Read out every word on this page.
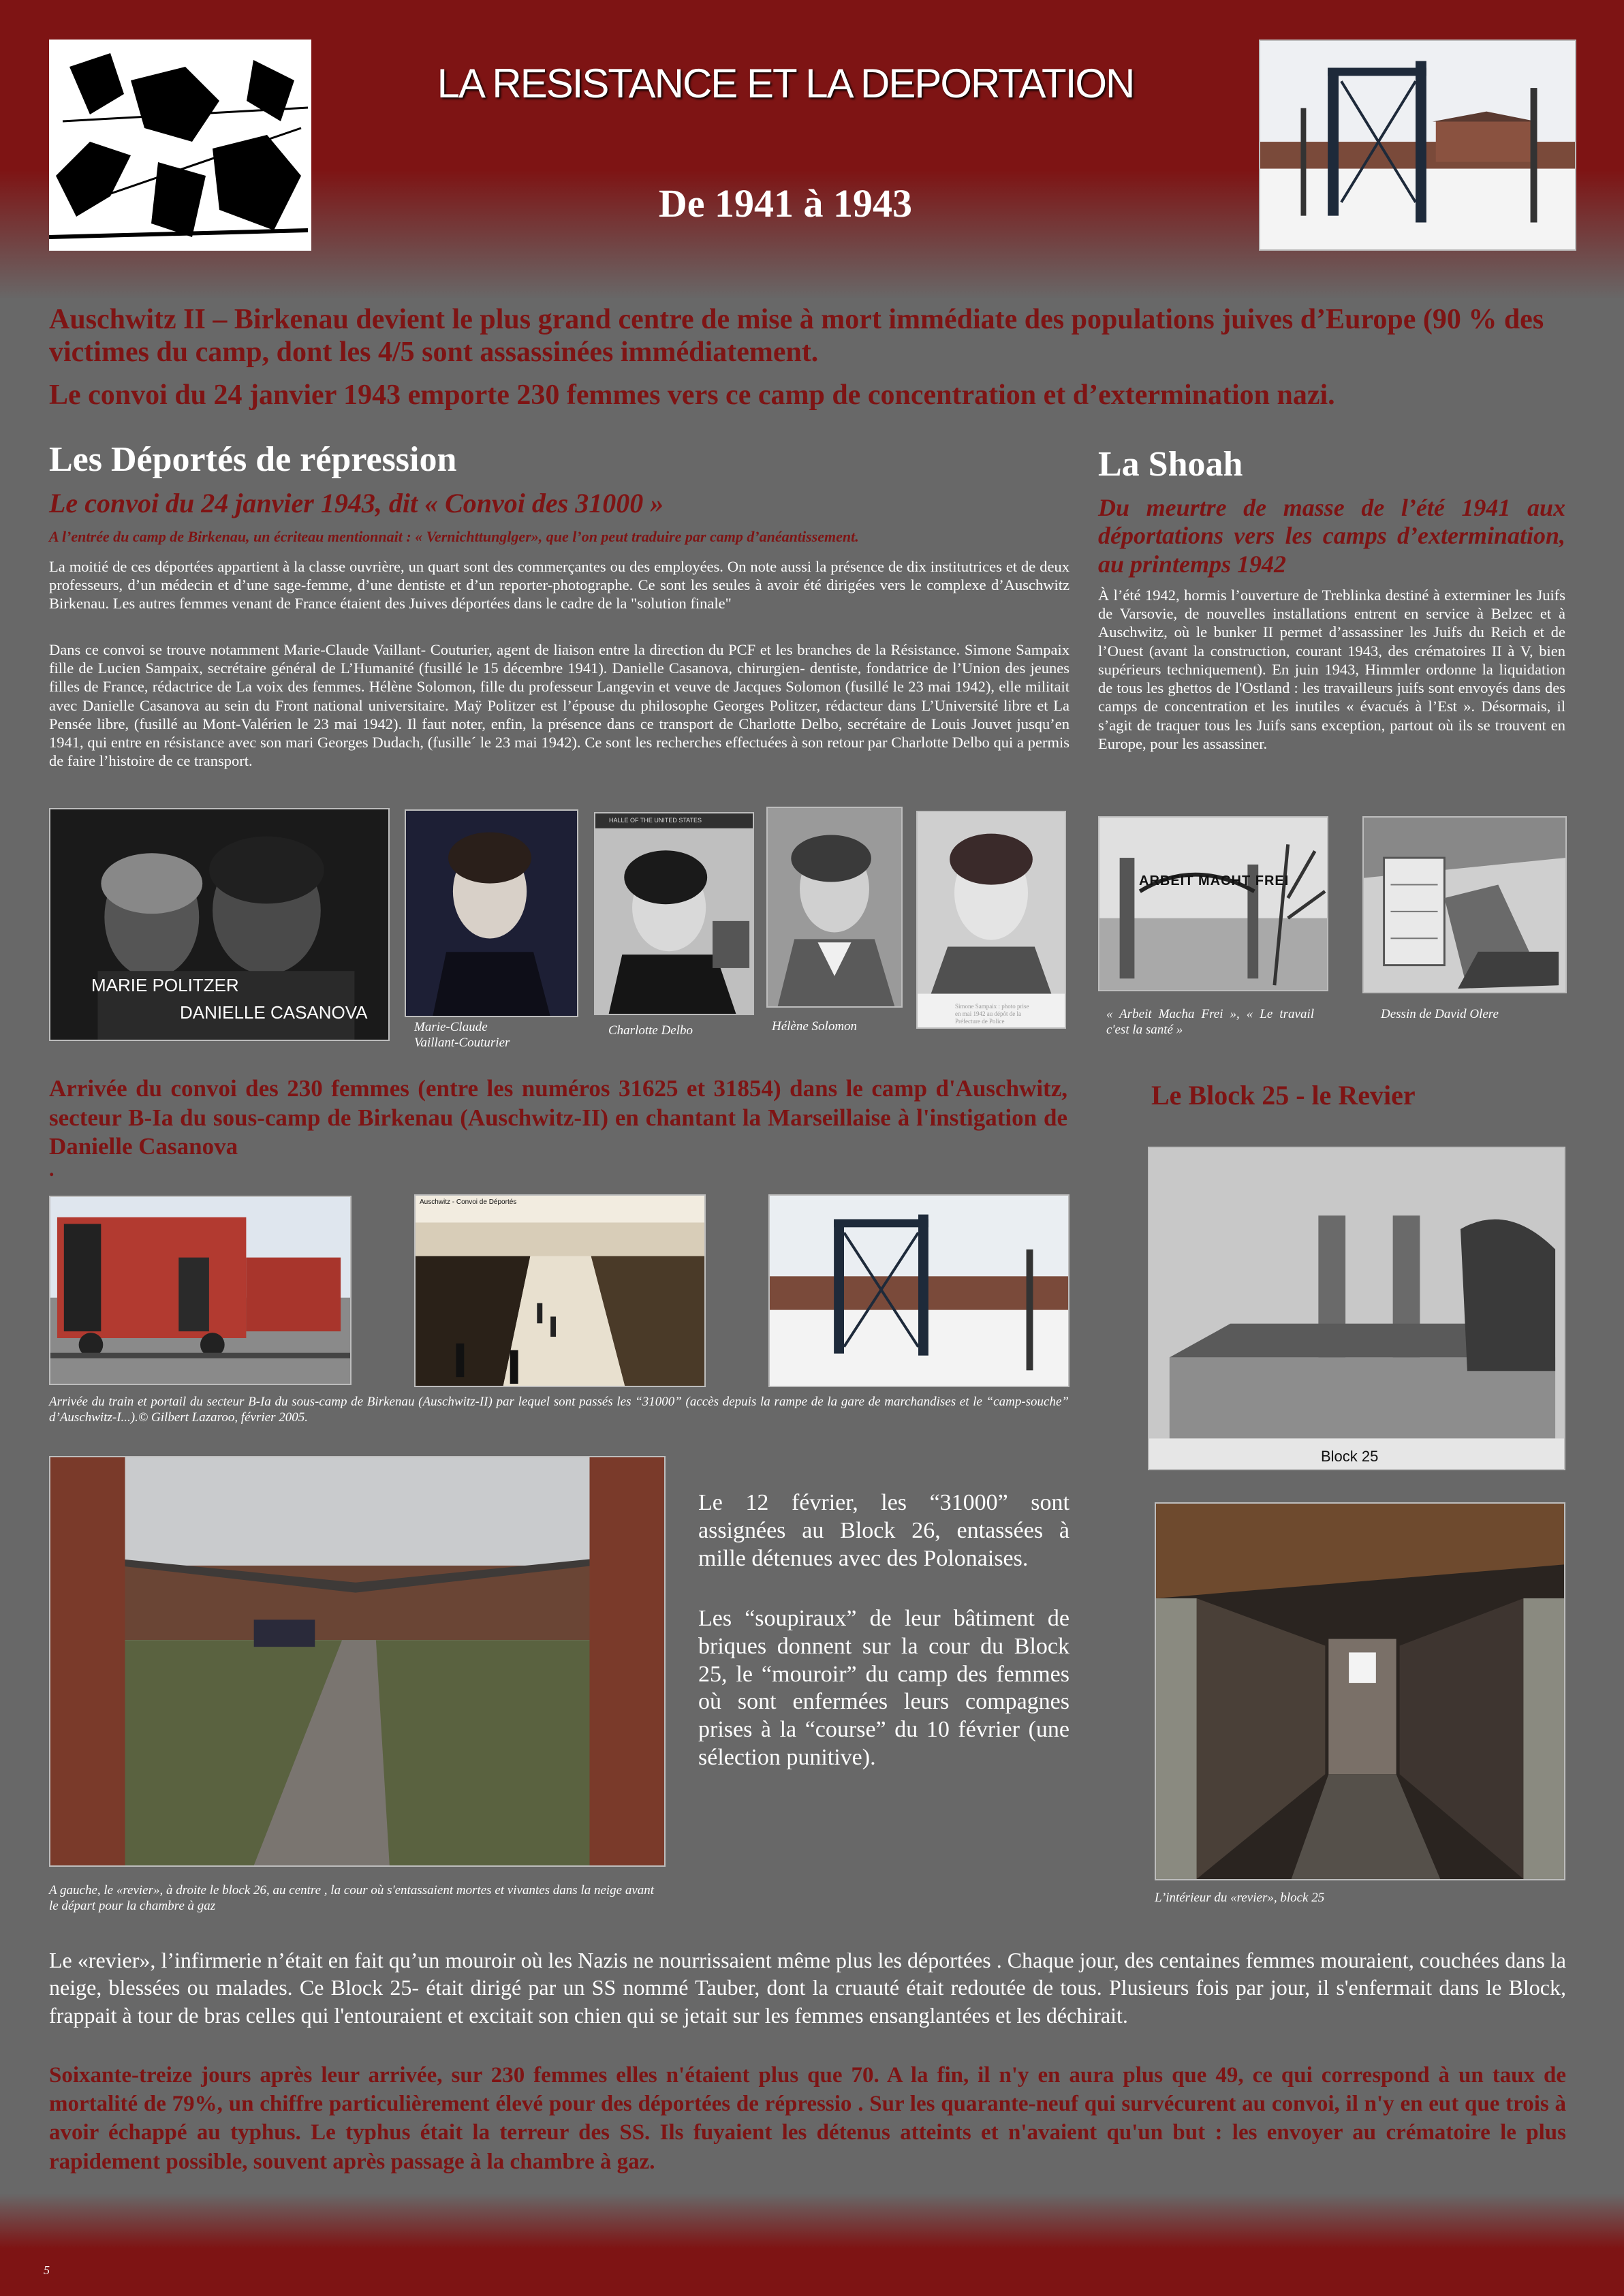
LA RESISTANCE ET LA DEPORTATION
De 1941 à 1943
Auschwitz II – Birkenau devient le plus grand centre de mise à mort immédiate des populations juives d’Europe (90 % des victimes du camp, dont les 4/5 sont assassinées immédiatement.
Le convoi du 24 janvier 1943 emporte 230 femmes vers ce camp de concentration et d’extermination nazi.
Les Déportés de répression
Le convoi du 24 janvier 1943, dit « Convoi des 31000 »
A l’entrée du camp de Birkenau, un écriteau mentionnait : « Vernichttunglger», que l’on peut traduire par camp d’anéantissement.
La moitié de ces déportées appartient à la classe ouvrière, un quart sont des commerçantes ou des employées. On note aussi la présence de dix institutrices et de deux professeurs, d’un médecin et d’une sage-femme, d’une dentiste et d’un reporter-photographe. Ce sont les seules à avoir été dirigées vers le complexe d’Auschwitz Birkenau. Les autres femmes venant de France étaient des Juives déportées dans le cadre de la "solution finale"
Dans ce convoi se trouve notamment Marie-Claude Vaillant- Couturier, agent de liaison entre la direction du PCF et les branches de la Résistance. Simone Sampaix fille de Lucien Sampaix, secrétaire général de L’Humanité (fusillé le 15 décembre 1941). Danielle Casanova, chirurgien- dentiste, fondatrice de l’Union des jeunes filles de France, rédactrice de La voix des femmes. Hélène Solomon, fille du professeur Langevin et veuve de Jacques Solomon (fusillé le 23 mai 1942), elle militait avec Danielle Casanova au sein du Front national universitaire. Maÿ Politzer est l’épouse du philosophe Georges Politzer, rédacteur dans L’Université libre et La Pensée libre, (fusillé au Mont-Valérien le 23 mai 1942). Il faut noter, enfin, la présence dans ce transport de Charlotte Delbo, secrétaire de Louis Jouvet jusqu’en 1941, qui entre en résistance avec son mari Georges Dudach, (fusille´ le 23 mai 1942). Ce sont les recherches effectuées à son retour par Charlotte Delbo qui a permis de faire l’histoire de ce transport.
MARIE POLITZER
DANIELLE CASANOVA
Marie-Claude
Vaillant-Couturier
HALLE OF THE UNITED STATES
Charlotte Delbo	Hélène Solomon
Simone Sampaix : photo prise
en mai 1942 au dépôt de la
Préfecture de Police
La Shoah
Du meurtre de masse de l’été 1941 aux déportations vers les camps d’extermination, au printemps 1942
À l’été 1942, hormis l’ouverture de Treblinka destiné à exterminer les Juifs de Varsovie, de nouvelles installations entrent en service à Belzec et à Auschwitz, où le bunker II permet d’assassiner les Juifs du Reich et de l’Ouest (avant la construction, courant 1943, des crématoires II à V, bien supérieurs techniquement). En juin 1943, Himmler ordonne la liquidation de tous les ghettos de l'Ostland : les travailleurs juifs sont envoyés dans des camps de concentration et les inutiles « évacués à l’Est ». Désormais, il s’agit de traquer tous les Juifs sans exception, partout où ils se trouvent en Europe, pour les assassiner.
ARBEIT MACHT FREI
« Arbeit Macha Frei », « Le travail c'est la santé »
Dessin de David Olere
Arrivée du convoi des 230 femmes (entre les numéros 31625 et 31854) dans le camp d'Auschwitz, secteur B-Ia du sous-camp de Birkenau (Auschwitz-II) en chantant la Marseillaise à l'instigation de Danielle Casanova
.
Auschwitz - Convoi de Déportés
Arrivée du train et portail du secteur B-Ia du sous-camp de Birkenau (Auschwitz-II) par lequel sont passés les “31000” (accès depuis la rampe de la gare de marchandises et le “camp-souche” d’Auschwitz-I...).© Gilbert Lazaroo, février 2005.
Le Block 25 - le Revier
Block 25
L’intérieur du «revier», block 25
A gauche, le «revier», à droite le block 26, au centre , la cour où s'entassaient mortes et vivantes dans la neige avant le départ pour la chambre à gaz
Le 12 février, les “31000” sont assignées au Block 26, entassées à mille détenues avec des Polonaises.
Les “soupiraux” de leur bâtiment de briques donnent sur la cour du Block 25, le “mouroir” du camp des femmes où sont enfermées leurs compagnes prises à la “course” du 10 février (une sélection punitive).
Le «revier», l’infirmerie n’était en fait qu’un mouroir où les Nazis ne nourrissaient même plus les déportées . Chaque jour, des centaines femmes mouraient, couchées dans la neige, blessées ou malades. Ce Block 25- était dirigé par un SS nommé Tauber, dont la cruauté était redoutée de tous. Plusieurs fois par jour, il s'enfermait dans le Block, frappait à tour de bras celles qui l'entouraient et excitait son chien qui se jetait sur les femmes ensanglantées et les déchirait.
Soixante-treize jours après leur arrivée, sur 230 femmes elles n'étaient plus que 70. A la fin, il n'y en aura plus que 49, ce qui correspond à un taux de mortalité de 79%, un chiffre particulièrement élevé pour des déportées de répressio . Sur les quarante-neuf qui survécurent au convoi, il n'y en eut que trois à avoir échappé au typhus. Le typhus était la terreur des SS. Ils fuyaient les détenus atteints et n'avaient qu'un but : les envoyer au crématoire le plus rapidement possible, souvent après passage à la chambre à gaz.
5
